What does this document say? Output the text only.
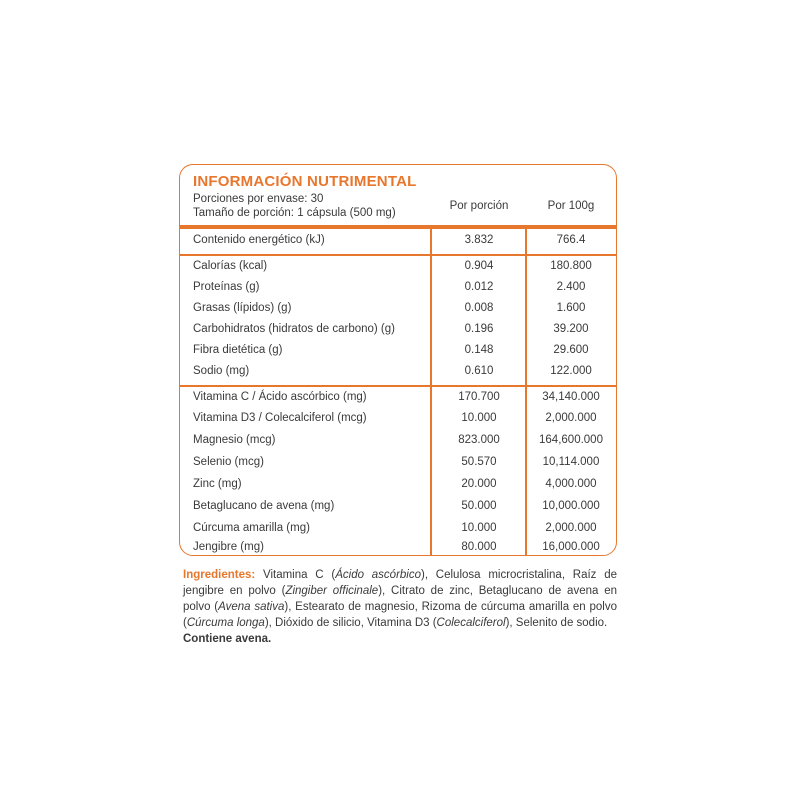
INFORMACIÓN NUTRIMENTAL
Porciones por envase: 30
Tamaño de porción: 1 cápsula (500 mg)
Por porción	Por 100g
Contenido energético (kJ)	3.832	766.4
Calorías (kcal)	0.904	180.800
Proteínas (g)	0.012	2.400
Grasas (lípidos) (g)	0.008	1.600
Carbohidratos (hidratos de carbono) (g)	0.196	39.200
Fibra dietética (g)	0.148	29.600
Sodio (mg)	0.610	122.000
Vitamina C / Ácido ascórbico (mg)	170.700	34,140.000
Vitamina D3 / Colecalciferol (mcg)	10.000	2,000.000
Magnesio (mcg)	823.000	164,600.000
Selenio (mcg)	50.570	10,114.000
Zinc (mg)	20.000	4,000.000
Betaglucano de avena (mg)	50.000	10,000.000
Cúrcuma amarilla (mg)	10.000	2,000.000
Jengibre (mg)	80.000	16,000.000
Ingredientes: Vitamina C (Ácido ascórbico), Celulosa microcristalina, Raíz de jengibre en polvo (Zingiber officinale), Citrato de zinc, Betaglucano de avena en polvo (Avena sativa), Estearato de magnesio, Rizoma de cúrcuma amarilla en polvo (Cúrcuma longa), Dióxido de silicio, Vitamina D3 (Colecalciferol), Selenito de sodio.
Contiene avena.
